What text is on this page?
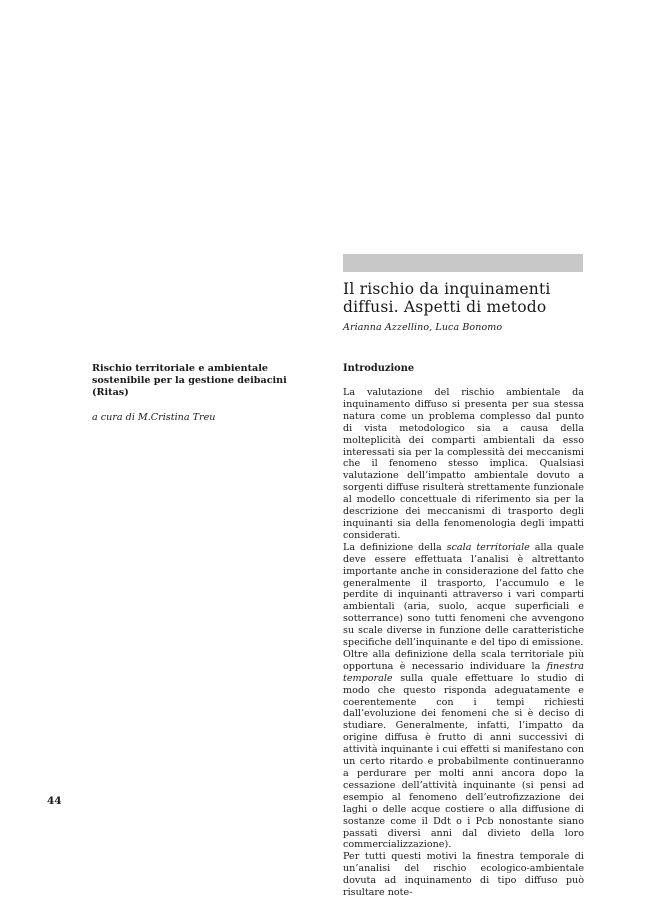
Il rischio da inquinamenti diffusi. Aspetti di metodo
Arianna Azzellino, Luca Bonomo
Introduzione

Rischio territoriale e ambientale sostenibile per la gestione deibacini (Ritas)

a cura di M.Cristina Treu

La valutazione del rischio ambientale da inquinamento diffuso si presenta per sua stessa natura come un problema complesso dal punto di vista metodologico sia a causa della molteplicità dei comparti ambientali da esso interessati sia per la complessità dei meccanismi che il fenomeno stesso implica. Qualsiasi valutazione dell’impatto ambientale dovuto a sorgenti diffuse risulterà strettamente funzionale al modello concettuale di riferimento sia per la descrizione dei meccanismi di trasporto degli inquinanti sia della fenomenologia degli impatti considerati.

La definizione della scala territoriale alla quale deve essere effettuata l’analisi è altrettanto importante anche in considerazione del fatto che generalmente il trasporto, l’accumulo e le perdite di inquinanti attraverso i vari comparti ambientali (aria, suolo, acque superficiali e sotterrance) sono tutti fenomeni che avvengono su scale diverse in funzione delle caratteristiche specifiche dell’inquinante e del tipo di emissione.

Oltre alla definizione della scala territoriale più opportuna è necessario individuare la finestra temporale sulla quale effettuare lo studio di modo che questo risponda adeguatamente e coerentemente con i tempi richiesti dall’evoluzione dei fenomeni che si è deciso di studiare. Generalmente, infatti, l’impatto da origine diffusa è frutto di anni successivi di attività inquinante i cui effetti si manifestano con un certo ritardo e probabilmente continueranno a perdurare per molti anni ancora dopo la cessazione dell’attività inquinante (si pensi ad esempio al fenomeno dell’eutrofizzazione dei laghi o delle acque costiere o alla diffusione di sostanze come il Ddt o i Pcb nonostante siano passati diversi anni dal divieto della loro commercializzazione).

Per tutti questi motivi la finestra temporale di un’analisi del rischio ecologico-ambientale dovuta ad inquinamento di tipo diffuso può risultare note-

44
